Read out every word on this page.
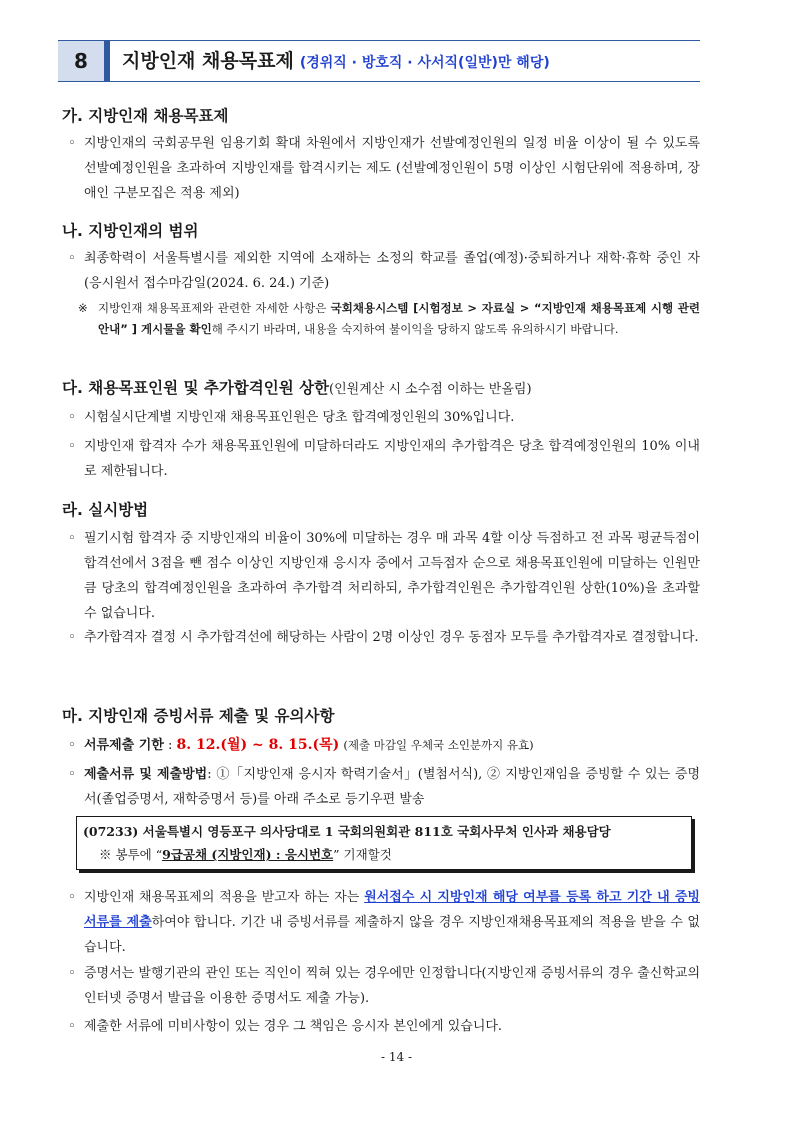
8	지방인재 채용목표제 (경위직 · 방호직 · 사서직(일반)만 해당)
가. 지방인재 채용목표제
◦ 지방인재의 국회공무원 임용기회 확대 차원에서 지방인재가 선발예정인원의 일정 비율 이상이 될 수 있도록 선발예정인원을 초과하여 지방인재를 합격시키는 제도 (선발예정인원이 5명 이상인 시험단위에 적용하며, 장애인 구분모집은 적용 제외)
나. 지방인재의 범위
◦ 최종학력이 서울특별시를 제외한 지역에 소재하는 소정의 학교를 졸업(예정)·중퇴하거나 재학·휴학 중인 자(응시원서 접수마감일(2024. 6. 24.) 기준)
※ 지방인재 채용목표제와 관련한 자세한 사항은 국회채용시스템 [시험정보 > 자료실 > “지방인재 채용목표제 시행 관련안내” ] 게시물을 확인해 주시기 바라며, 내용을 숙지하여 불이익을 당하지 않도록 유의하시기 바랍니다.
다. 채용목표인원 및 추가합격인원 상한(인원계산 시 소수점 이하는 반올림)
◦ 시험실시단계별 지방인재 채용목표인원은 당초 합격예정인원의 30%입니다.
◦ 지방인재 합격자 수가 채용목표인원에 미달하더라도 지방인재의 추가합격은 당초 합격예정인원의 10% 이내로 제한됩니다.
라. 실시방법
◦ 필기시험 합격자 중 지방인재의 비율이 30%에 미달하는 경우 매 과목 4할 이상 득점하고 전 과목 평균득점이 합격선에서 3점을 뺀 점수 이상인 지방인재 응시자 중에서 고득점자 순으로 채용목표인원에 미달하는 인원만큼 당초의 합격예정인원을 초과하여 추가합격 처리하되, 추가합격인원은 추가합격인원 상한(10%)을 초과할 수 없습니다.
◦ 추가합격자 결정 시 추가합격선에 해당하는 사람이 2명 이상인 경우 동점자 모두를 추가합격자로 결정합니다.
마. 지방인재 증빙서류 제출 및 유의사항
◦ 서류제출 기한 : 8. 12.(월) ~ 8. 15.(목) (제출 마감일 우체국 소인분까지 유효)
◦ 제출서류 및 제출방법: ①「지방인재 응시자 학력기술서」(별첨서식), ② 지방인재임을 증빙할 수 있는 증명서(졸업증명서, 재학증명서 등)를 아래 주소로 등기우편 발송
(07233) 서울특별시 영등포구 의사당대로 1 국회의원회관 811호 국회사무처 인사과 채용담당
※ 봉투에 “9급공채 (지방인재) : 응시번호” 기재할것
◦ 지방인재 채용목표제의 적용을 받고자 하는 자는 원서접수 시 지방인재 해당 여부를 등록 하고 기간 내 증빙서류를 제출하여야 합니다. 기간 내 증빙서류를 제출하지 않을 경우 지방인재채용목표제의 적용을 받을 수 없습니다.
◦ 증명서는 발행기관의 관인 또는 직인이 찍혀 있는 경우에만 인정합니다(지방인재 증빙서류의 경우 출신학교의 인터넷 증명서 발급을 이용한 증명서도 제출 가능).
◦ 제출한 서류에 미비사항이 있는 경우 그 책임은 응시자 본인에게 있습니다.
- 14 -
